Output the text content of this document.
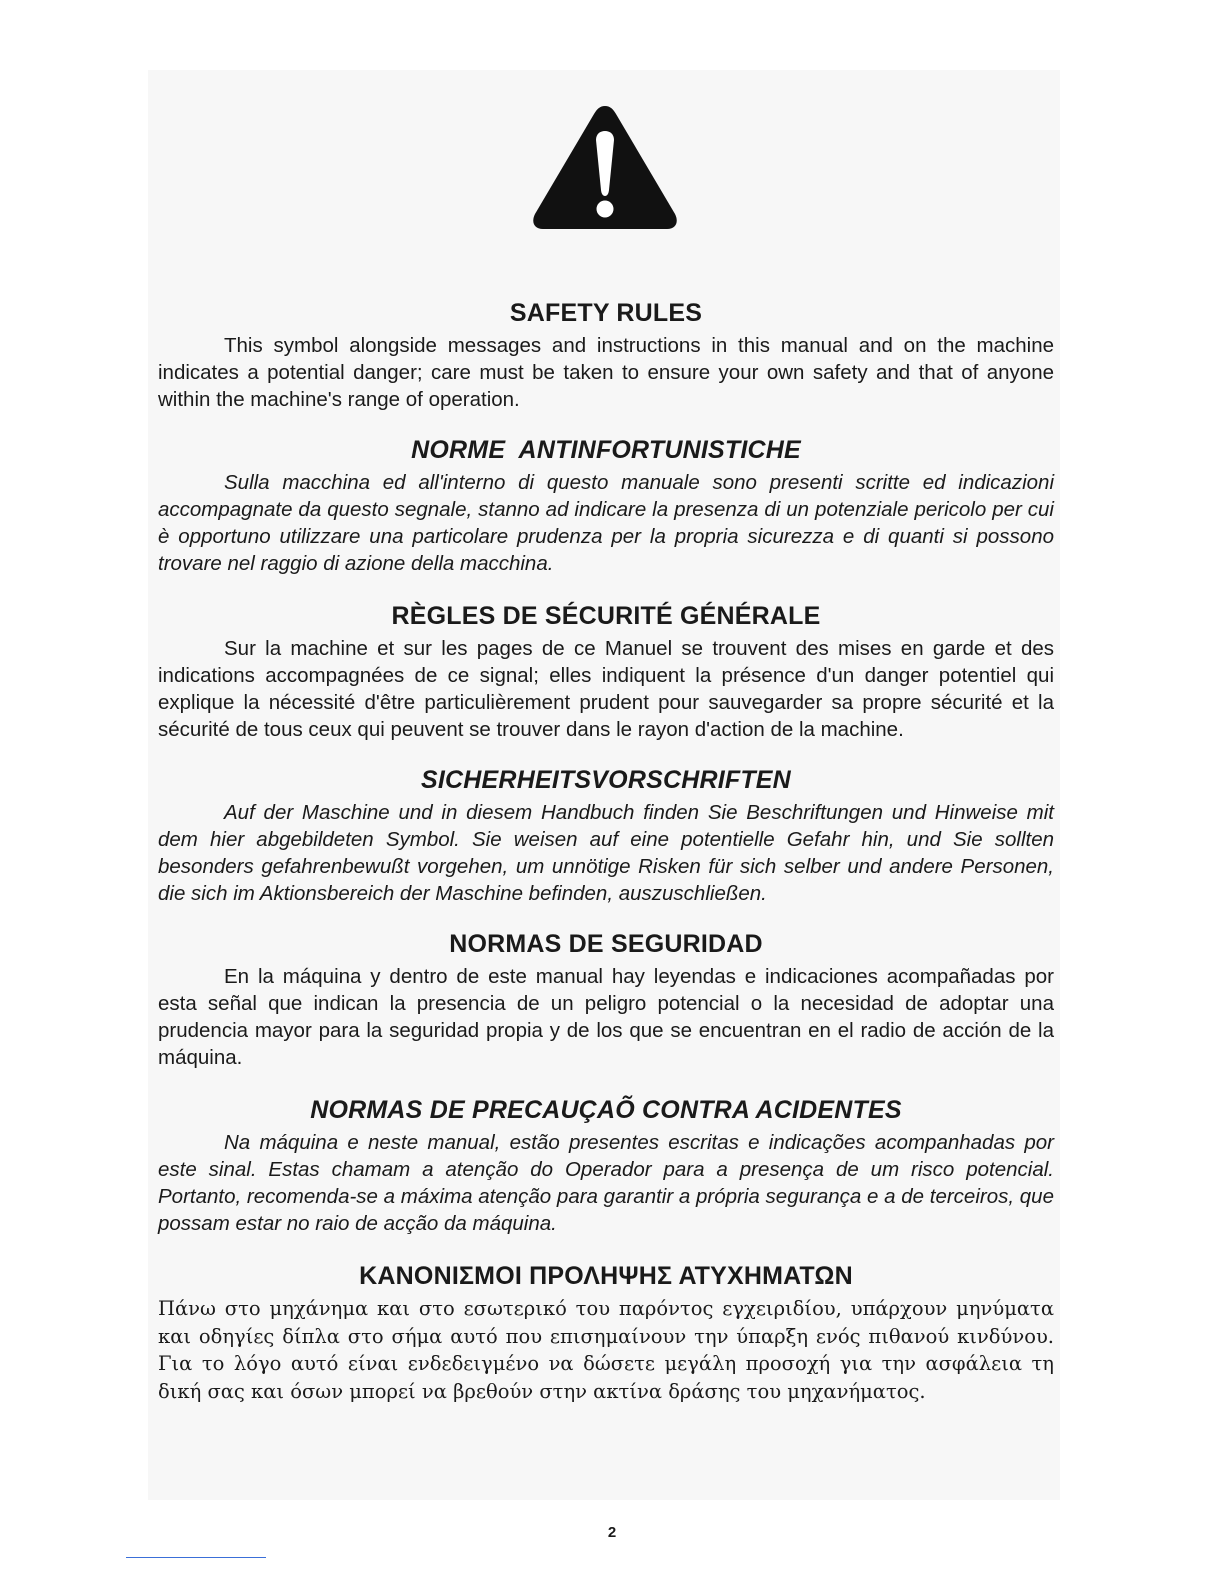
SAFETY RULES

This symbol alongside messages and instructions in this manual and on the machine indicates a potential danger; care must be taken to ensure your own safety and that of anyone within the machine's range of operation.

NORME  ANTINFORTUNISTICHE

Sulla macchina ed all'interno di questo manuale sono presenti scritte ed indicazioni accompagnate da questo segnale, stanno ad indicare la presenza di un potenziale pericolo per cui è opportuno utilizzare una particolare prudenza per la propria sicurezza e di quanti si possono trovare nel raggio di azione della macchina.

RÈGLES DE SÉCURITÉ GÉNÉRALE

Sur la machine et sur les pages de ce Manuel se trouvent des mises en garde et des indications accompagnées de ce signal; elles indiquent la présence d'un danger potentiel qui explique la nécessité d'être particulièrement prudent pour sauvegarder sa propre sécurité et la sécurité de tous ceux qui peuvent se trouver dans le rayon d'action de la machine.

SICHERHEITSVORSCHRIFTEN

Auf der Maschine und in diesem Handbuch finden Sie Beschriftungen und Hinweise mit dem hier abgebildeten Symbol. Sie weisen auf eine potentielle Gefahr hin, und Sie sollten besonders gefahrenbewußt vorgehen, um unnötige Risken für sich selber und andere Personen, die sich im Aktionsbereich der Maschine befinden, auszuschließen.

NORMAS DE SEGURIDAD

En la máquina y dentro de este manual hay leyendas e indicaciones acompañadas por esta señal que indican la presencia de un peligro potencial o la necesidad de adoptar una prudencia mayor para la seguridad propia y de los que se encuentran en el radio de acción de la máquina.

NORMAS DE PRECAUÇAÕ CONTRA ACIDENTES

Na máquina e neste manual, estão presentes escritas e indicações acompanhadas por este sinal. Estas chamam a atenção do Operador para a presença de um risco potencial. Portanto, recomenda-se a máxima atenção para garantir a própria segurança e a de terceiros, que possam estar no raio de acção da máquina.

ΚΑΝΟΝΙΣΜΟΙ ΠΡΟΛΗΨΗΣ ΑΤΥΧΗΜΑΤΩΝ

Πάνω στο μηχάνημα και στο εσωτερικό του παρόντος εγχειριδίου, υπάρχουν μηνύματα και οδηγίες δίπλα στο σήμα αυτό που επισημαίνουν την ύπαρξη ενός πιθανού κινδύνου. Για το λόγο αυτό είναι ενδεδειγμένο να δώσετε μεγάλη προσοχή για την ασφάλεια τη δική σας και όσων μπορεί να βρεθούν στην ακτίνα δράσης του μηχανήματος.

2
